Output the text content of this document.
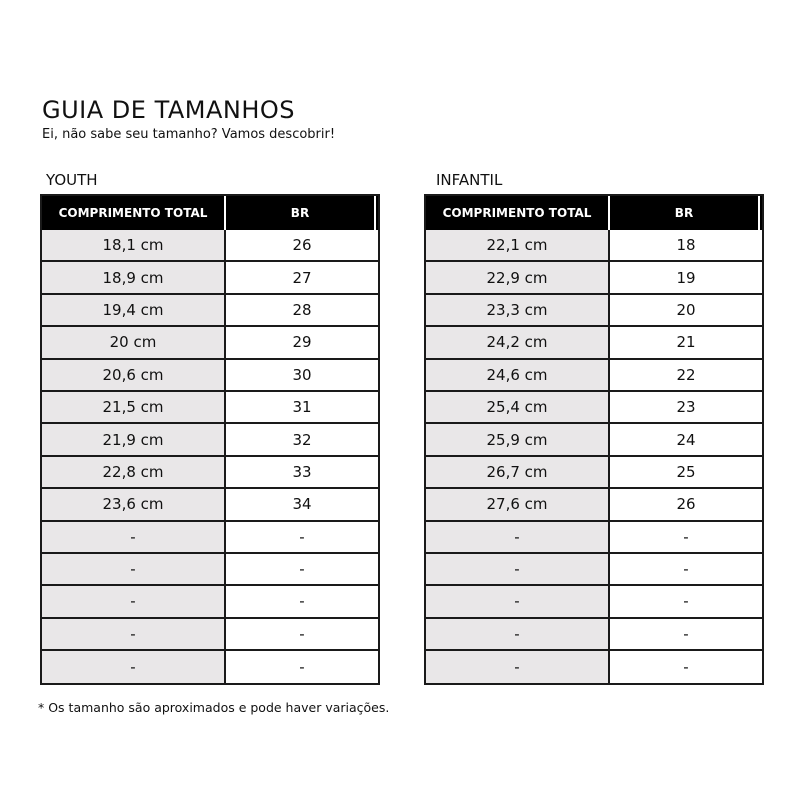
GUIA DE TAMANHOS
Ei, não sabe seu tamanho? Vamos descobrir!
YOUTH
COMPRIMENTO TOTAL	BR
18,1 cm	26
18,9 cm	27
19,4 cm	28
20 cm	29
20,6 cm	30
21,5 cm	31
21,9 cm	32
22,8 cm	33
23,6 cm	34
-	-
-	-
-	-
-	-
-	-
INFANTIL
COMPRIMENTO TOTAL	BR
22,1 cm	18
22,9 cm	19
23,3 cm	20
24,2 cm	21
24,6 cm	22
25,4 cm	23
25,9 cm	24
26,7 cm	25
27,6 cm	26
-	-
-	-
-	-
-	-
-	-
* Os tamanho são aproximados e pode haver variações.
